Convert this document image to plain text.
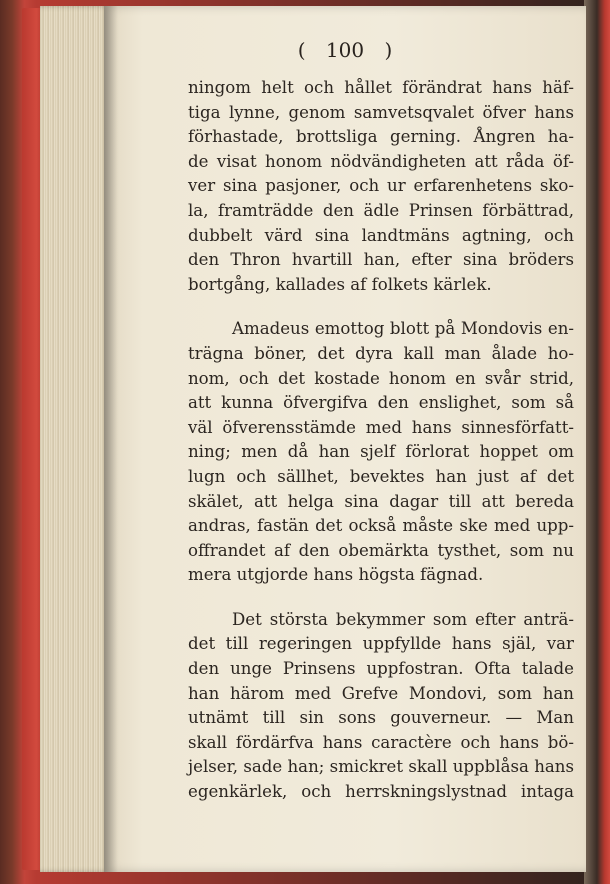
( 100 )
ningom helt och hållet förändrat hans häf-
tiga lynne, genom samvetsqvalet öfver hans
förhastade, brottsliga gerning. Ångren ha-
de visat honom nödvändigheten att råda öf-
ver sina pasjoner, och ur erfarenhetens sko-
la, framträdde den ädle Prinsen förbättrad,
dubbelt värd sina landtmäns agtning, och
den Thron hvartill han, efter sina bröders
bortgång, kallades af folkets kärlek.
Amadeus emottog blott på Mondovis en-
trägna böner, det dyra kall man ålade ho-
nom, och det kostade honom en svår strid,
att kunna öfvergifva den enslighet, som så
väl öfverensstämde med hans sinnesförfatt-
ning; men då han sjelf förlorat hoppet om
lugn och sällhet, bevektes han just af det
skälet, att helga sina dagar till att bereda
andras, fastän det också måste ske med upp-
offrandet af den obemärkta tysthet, som nu
mera utgjorde hans högsta fägnad.
Det största bekymmer som efter anträ-
det till regeringen uppfyllde hans själ, var
den unge Prinsens uppfostran. Ofta talade
han härom med Grefve Mondovi, som han
utnämt till sin sons gouverneur. — Man
skall fördärfva hans caractère och hans bö-
jelser, sade han; smickret skall uppblåsa hans
egenkärlek, och herrskningslystnad intaga
